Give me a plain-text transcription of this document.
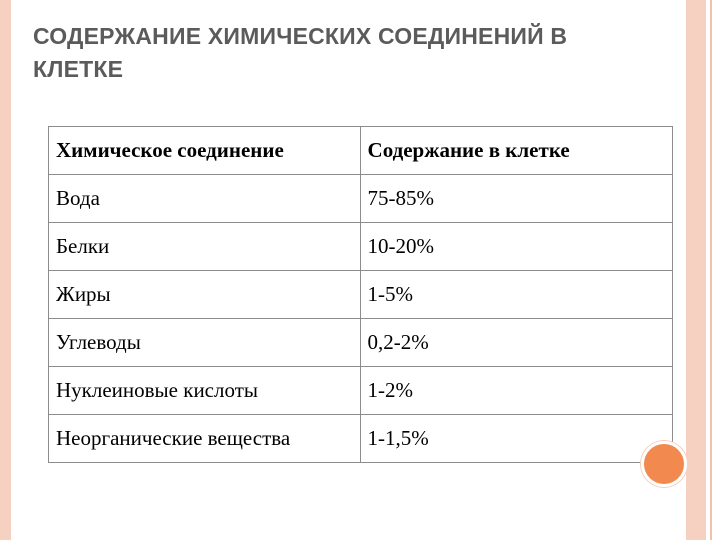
СОДЕРЖАНИЕ ХИМИЧЕСКИХ СОЕДИНЕНИЙ В КЛЕТКЕ
Химическое соединение	Содержание в клетке
Вода	75-85%
Белки	10-20%
Жиры	1-5%
Углеводы	0,2-2%
Нуклеиновые кислоты	1-2%
Неорганические вещества	1-1,5%
